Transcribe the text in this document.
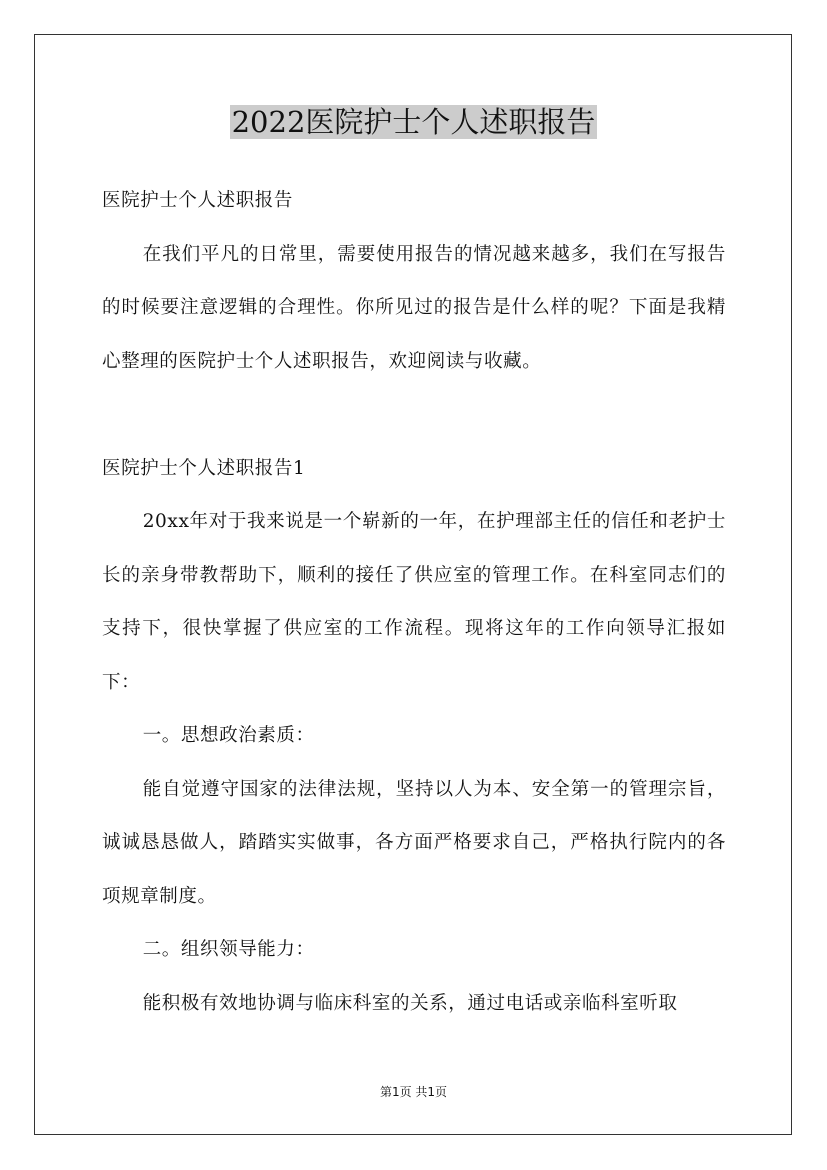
2022医院护士个人述职报告

医院护士个人述职报告

在我们平凡的日常里，需要使用报告的情况越来越多，我们在写报告的时候要注意逻辑的合理性。你所见过的报告是什么样的呢？下面是我精心整理的医院护士个人述职报告，欢迎阅读与收藏。

医院护士个人述职报告1

20xx年对于我来说是一个崭新的一年，在护理部主任的信任和老护士长的亲身带教帮助下，顺利的接任了供应室的管理工作。在科室同志们的支持下，很快掌握了供应室的工作流程。现将这年的工作向领导汇报如下：

一。思想政治素质：

能自觉遵守国家的法律法规，坚持以人为本、安全第一的管理宗旨，诚诚恳恳做人，踏踏实实做事，各方面严格要求自己，严格执行院内的各项规章制度。

二。组织领导能力：

能积极有效地协调与临床科室的关系，通过电话或亲临科室听取

第1页 共1页
